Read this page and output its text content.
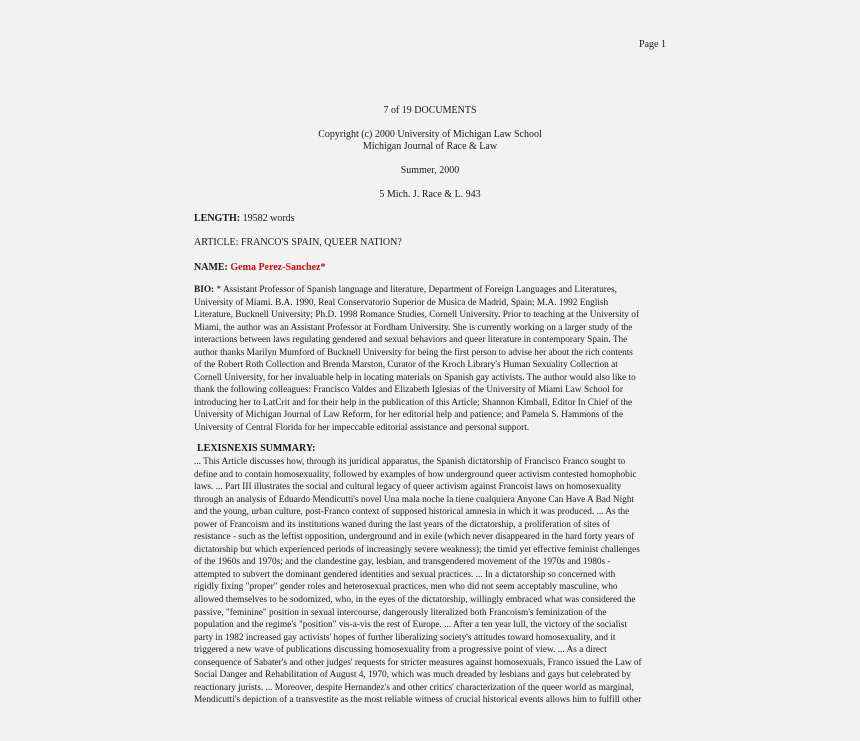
Page 1
7 of 19 DOCUMENTS
Copyright (c) 2000 University of Michigan Law School
Michigan Journal of Race & Law
Summer, 2000
5 Mich. J. Race & L. 943
LENGTH: 19582 words
ARTICLE: FRANCO'S SPAIN, QUEER NATION?
NAME: Gema Perez-Sanchez*
BIO: * Assistant Professor of Spanish language and literature, Department of Foreign Languages and Literatures,
University of Miami. B.A. 1990, Real Conservatorio Superior de Musica de Madrid, Spain; M.A. 1992 English
Literature, Bucknell University; Ph.D. 1998 Romance Studies, Cornell University. Prior to teaching at the University of
Miami, the author was an Assistant Professor at Fordham University. She is currently working on a larger study of the
interactions between laws regulating gendered and sexual behaviors and queer literature in contemporary Spain. The
author thanks Marilyn Mumford of Bucknell University for being the first person to advise her about the rich contents
of the Robert Roth Collection and Brenda Marston, Curator of the Kroch Library's Human Sexuality Collection at
Cornell University, for her invaluable help in locating materials on Spanish gay activists. The author would also like to
thank the following colleagues: Francisco Valdes and Elizabeth Iglesias of the University of Miami Law School for
introducing her to LatCrit and for their help in the publication of this Article; Shannon Kimball, Editor In Chief of the
University of Michigan Journal of Law Reform, for her editorial help and patience; and Pamela S. Hammons of the
University of Central Florida for her impeccable editorial assistance and personal support.
LEXISNEXIS SUMMARY:
... This Article discusses how, through its juridical apparatus, the Spanish dictatorship of Francisco Franco sought to
define and to contain homosexuality, followed by examples of how underground queer activism contested homophobic
laws. ... Part III illustrates the social and cultural legacy of queer activism against Francoist laws on homosexuality
through an analysis of Eduardo Mendicutti's novel Una mala noche la tiene cualquiera Anyone Can Have A Bad Night
and the young, urban culture, post-Franco context of supposed historical amnesia in which it was produced. ... As the
power of Francoism and its institutions waned during the last years of the dictatorship, a proliferation of sites of
resistance - such as the leftist opposition, underground and in exile (which never disappeared in the hard forty years of
dictatorship but which experienced periods of increasingly severe weakness); the timid yet effective feminist challenges
of the 1960s and 1970s; and the clandestine gay, lesbian, and transgendered movement of the 1970s and 1980s -
attempted to subvert the dominant gendered identities and sexual practices. ... In a dictatorship so concerned with
rigidly fixing "proper" gender roles and heterosexual practices, men who did not seem acceptably masculine, who
allowed themselves to be sodomized, who, in the eyes of the dictatorship, willingly embraced what was considered the
passive, "feminine" position in sexual intercourse, dangerously literalized both Francoism's feminization of the
population and the regime's "position" vis-a-vis the rest of Europe. ... After a ten year lull, the victory of the socialist
party in 1982 increased gay activists' hopes of further liberalizing society's attitudes toward homosexuality, and it
triggered a new wave of publications discussing homosexuality from a progressive point of view. ... As a direct
consequence of Sabater's and other judges' requests for stricter measures against homosexuals, Franco issued the Law of
Social Danger and Rehabilitation of August 4, 1970, which was much dreaded by lesbians and gays but celebrated by
reactionary jurists. ... Moreover, despite Hernandez's and other critics' characterization of the queer world as marginal,
Mendicutti's depiction of a transvestite as the most reliable witness of crucial historical events allows him to fulfill other
